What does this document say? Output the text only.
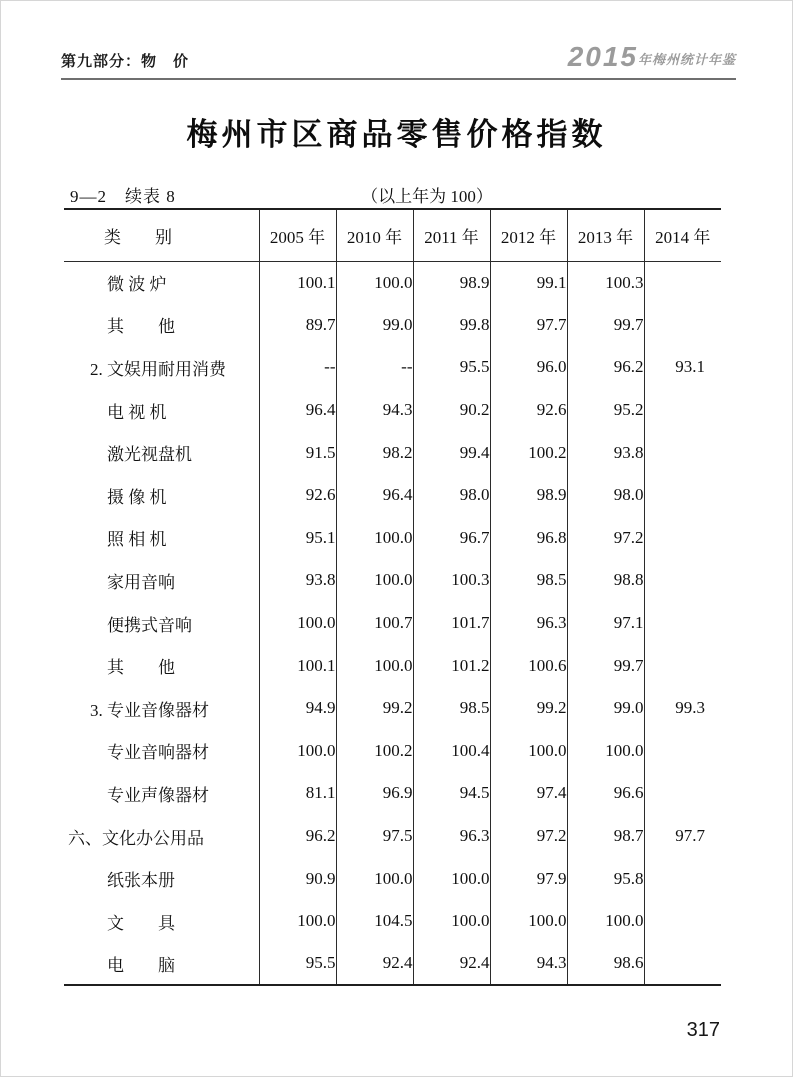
第九部分：物　价	2015年梅州统计年鉴
梅州市区商品零售价格指数
9—2　续表 8	（以上年为 100）
类　　别	2005 年	2010 年	2011 年	2012 年	2013 年	2014 年
微 波 炉	100.1	100.0	98.9	99.1	100.3	
其　　他	89.7	99.0	99.8	97.7	99.7	
2. 文娱用耐用消费	--	--	95.5	96.0	96.2	93.1
电 视 机	96.4	94.3	90.2	92.6	95.2	
激光视盘机	91.5	98.2	99.4	100.2	93.8	
摄 像 机	92.6	96.4	98.0	98.9	98.0	
照 相 机	95.1	100.0	96.7	96.8	97.2	
家用音响	93.8	100.0	100.3	98.5	98.8	
便携式音响	100.0	100.7	101.7	96.3	97.1	
其　　他	100.1	100.0	101.2	100.6	99.7	
3. 专业音像器材	94.9	99.2	98.5	99.2	99.0	99.3
专业音响器材	100.0	100.2	100.4	100.0	100.0	
专业声像器材	81.1	96.9	94.5	97.4	96.6	
六、文化办公用品	96.2	97.5	96.3	97.2	98.7	97.7
纸张本册	90.9	100.0	100.0	97.9	95.8	
文　　具	100.0	104.5	100.0	100.0	100.0	
电　　脑	95.5	92.4	92.4	94.3	98.6	
317
